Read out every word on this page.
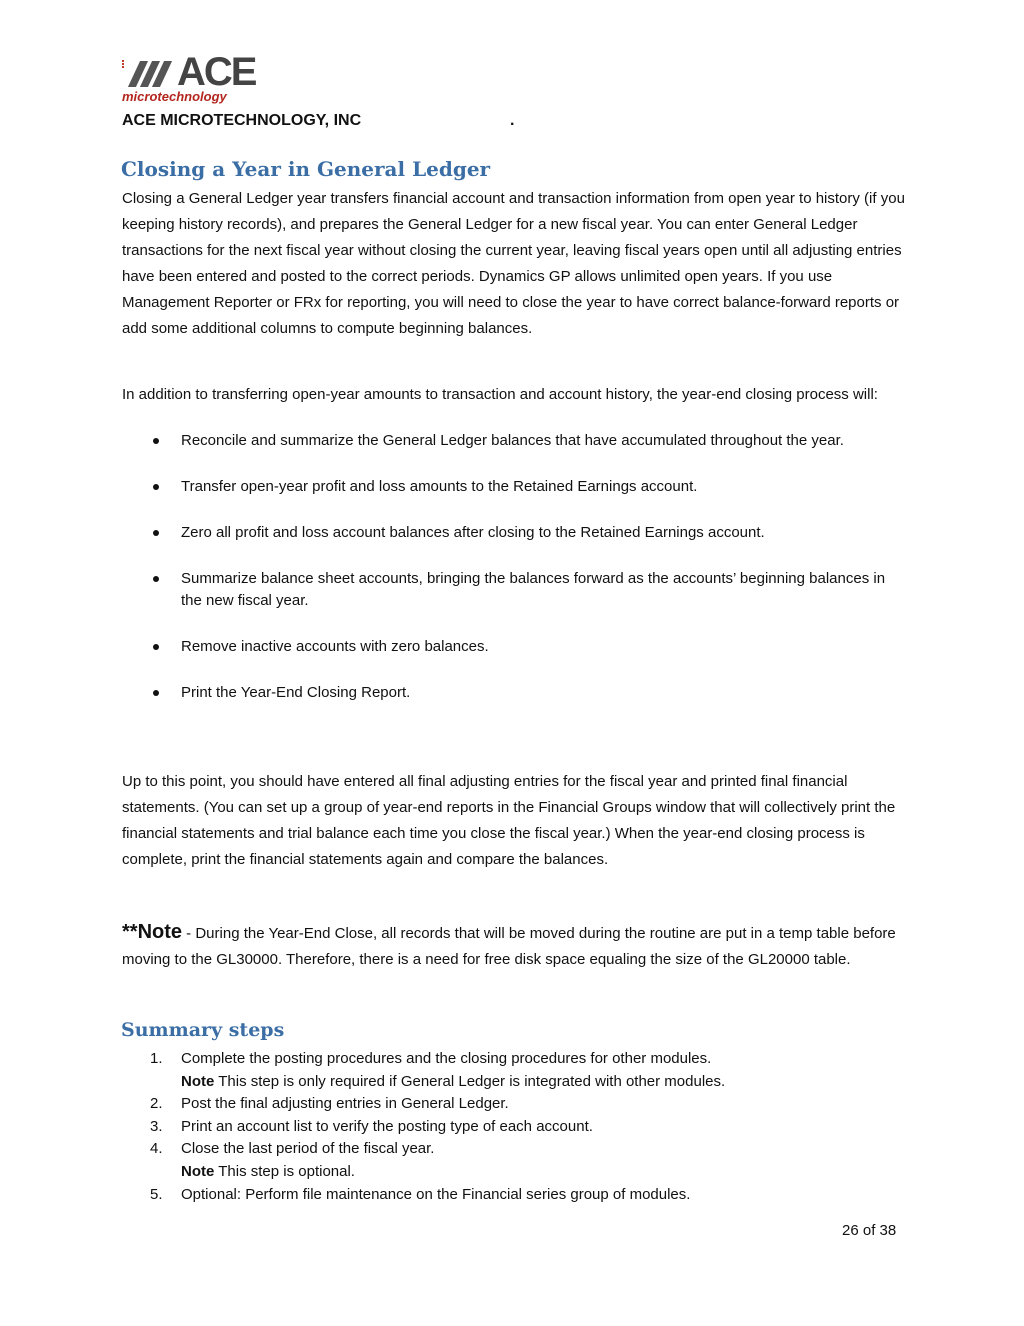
ACE
microtechnology
ACE MICROTECHNOLOGY, INC	.
Closing a Year in General Ledger

Closing a General Ledger year transfers financial account and transaction information from open year to history (if you keeping history records), and prepares the General Ledger for a new fiscal year. You can enter General Ledger transactions for the next fiscal year without closing the current year, leaving fiscal years open until all adjusting entries have been entered and posted to the correct periods. Dynamics GP allows unlimited open years. If you use Management Reporter or FRx for reporting, you will need to close the year to have correct balance-forward reports or add some additional columns to compute beginning balances.

In addition to transferring open-year amounts to transaction and account history, the year-end closing process will:

Reconcile and summarize the General Ledger balances that have accumulated throughout the year.
Transfer open-year profit and loss amounts to the Retained Earnings account.
Zero all profit and loss account balances after closing to the Retained Earnings account.
Summarize balance sheet accounts, bringing the balances forward as the accounts’ beginning balances in the new fiscal year.
Remove inactive accounts with zero balances.
Print the Year-End Closing Report.

Up to this point, you should have entered all final adjusting entries for the fiscal year and printed final financial statements. (You can set up a group of year-end reports in the Financial Groups window that will collectively print the financial statements and trial balance each time you close the fiscal year.) When the year-end closing process is complete, print the financial statements again and compare the balances.

**Note - During the Year-End Close, all records that will be moved during the routine are put in a temp table before moving to the GL30000. Therefore, there is a need for free disk space equaling the size of the GL20000 table.

Summary steps
1. Complete the posting procedures and the closing procedures for other modules.
Note This step is only required if General Ledger is integrated with other modules.
2. Post the final adjusting entries in General Ledger.
3. Print an account list to verify the posting type of each account.
4. Close the last period of the fiscal year.
Note This step is optional.
5. Optional: Perform file maintenance on the Financial series group of modules.
26 of 38
